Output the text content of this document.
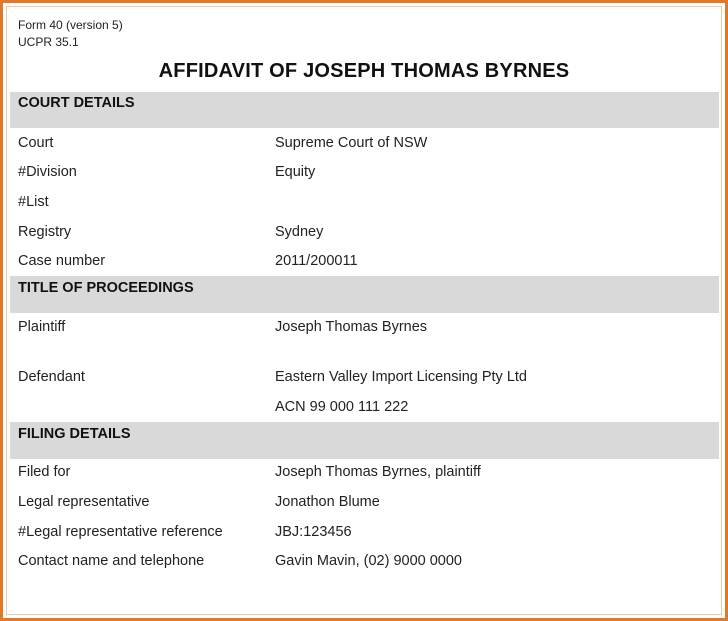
Form 40 (version 5)
UCPR 35.1
AFFIDAVIT OF JOSEPH THOMAS BYRNES
COURT DETAILS
Court	Supreme Court of NSW
#Division	Equity
#List
Registry	Sydney
Case number	2011/200011
TITLE OF PROCEEDINGS
Plaintiff	Joseph Thomas Byrnes
Defendant	Eastern Valley Import Licensing Pty Ltd
ACN 99 000 111 222
FILING DETAILS
Filed for	Joseph Thomas Byrnes, plaintiff
Legal representative	Jonathon Blume
#Legal representative reference	JBJ:123456
Contact name and telephone	Gavin Mavin, (02) 9000 0000
